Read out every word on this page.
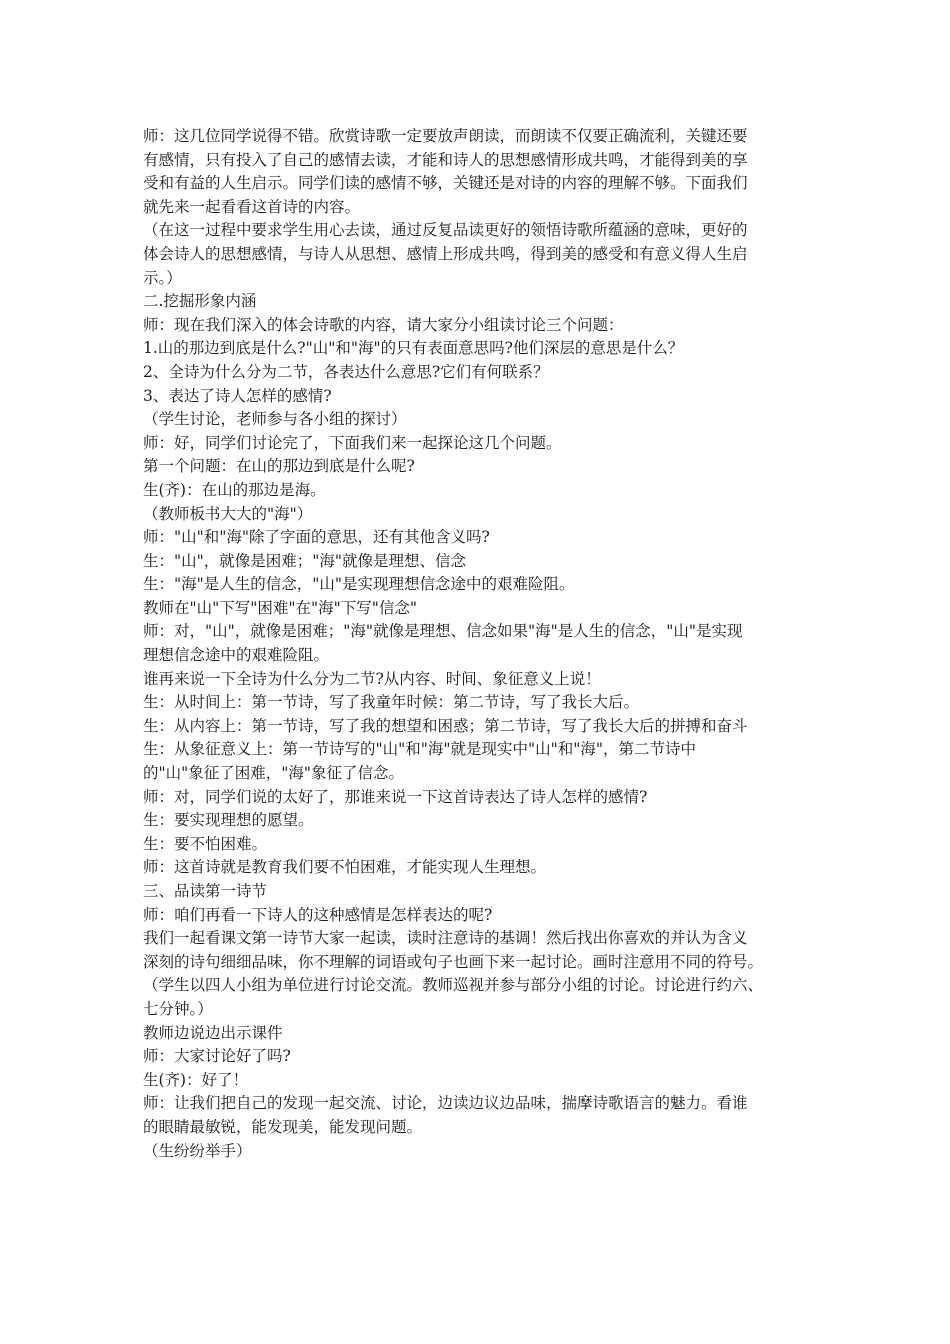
师：这几位同学说得不错。欣赏诗歌一定要放声朗读，而朗读不仅要正确流利，关键还要
有感情，只有投入了自己的感情去读，才能和诗人的思想感情形成共鸣，才能得到美的享
受和有益的人生启示。同学们读的感情不够，关键还是对诗的内容的理解不够。下面我们
就先来一起看看这首诗的内容。
（在这一过程中要求学生用心去读，通过反复品读更好的领悟诗歌所蕴涵的意味，更好的
体会诗人的思想感情，与诗人从思想、感情上形成共鸣，得到美的感受和有意义得人生启
示。）
二.挖掘形象内涵
师：现在我们深入的体会诗歌的内容，请大家分小组读讨论三个问题：
1.山的那边到底是什么?"山"和"海"的只有表面意思吗?他们深层的意思是什么？
2、全诗为什么分为二节，各表达什么意思?它们有何联系？
3、表达了诗人怎样的感情?
（学生讨论，老师参与各小组的探讨）
师：好，同学们讨论完了，下面我们来一起探论这几个问题。
第一个问题：在山的那边到底是什么呢?
生(齐)：在山的那边是海。
（教师板书大大的"海"）
师："山"和"海"除了字面的意思，还有其他含义吗?
生："山"，就像是困难；"海"就像是理想、信念
生："海"是人生的信念，"山"是实现理想信念途中的艰难险阻。
教师在"山"下写"困难"在"海"下写"信念"
师：对，"山"，就像是困难；"海"就像是理想、信念如果"海"是人生的信念，"山"是实现
理想信念途中的艰难险阻。
谁再来说一下全诗为什么分为二节?从内容、时间、象征意义上说！
生：从时间上：第一节诗，写了我童年时候：第二节诗，写了我长大后。
生：从内容上：第一节诗，写了我的想望和困惑；第二节诗，写了我长大后的拼搏和奋斗
生：从象征意义上：第一节诗写的"山"和"海"就是现实中"山"和"海"，第二节诗中
的"山"象征了困难，"海"象征了信念。
师：对，同学们说的太好了，那谁来说一下这首诗表达了诗人怎样的感情?
生：要实现理想的愿望。
生：要不怕困难。
师：这首诗就是教育我们要不怕困难，才能实现人生理想。
三、品读第一诗节
师：咱们再看一下诗人的这种感情是怎样表达的呢?
我们一起看课文第一诗节大家一起读，读时注意诗的基调！然后找出你喜欢的并认为含义
深刻的诗句细细品味，你不理解的词语或句子也画下来一起讨论。画时注意用不同的符号。
（学生以四人小组为单位进行讨论交流。教师巡视并参与部分小组的讨论。讨论进行约六、
七分钟。）
教师边说边出示课件
师：大家讨论好了吗?
生(齐)：好了！
师：让我们把自己的发现一起交流、讨论，边读边议边品味，揣摩诗歌语言的魅力。看谁
的眼睛最敏锐，能发现美，能发现问题。
（生纷纷举手）
